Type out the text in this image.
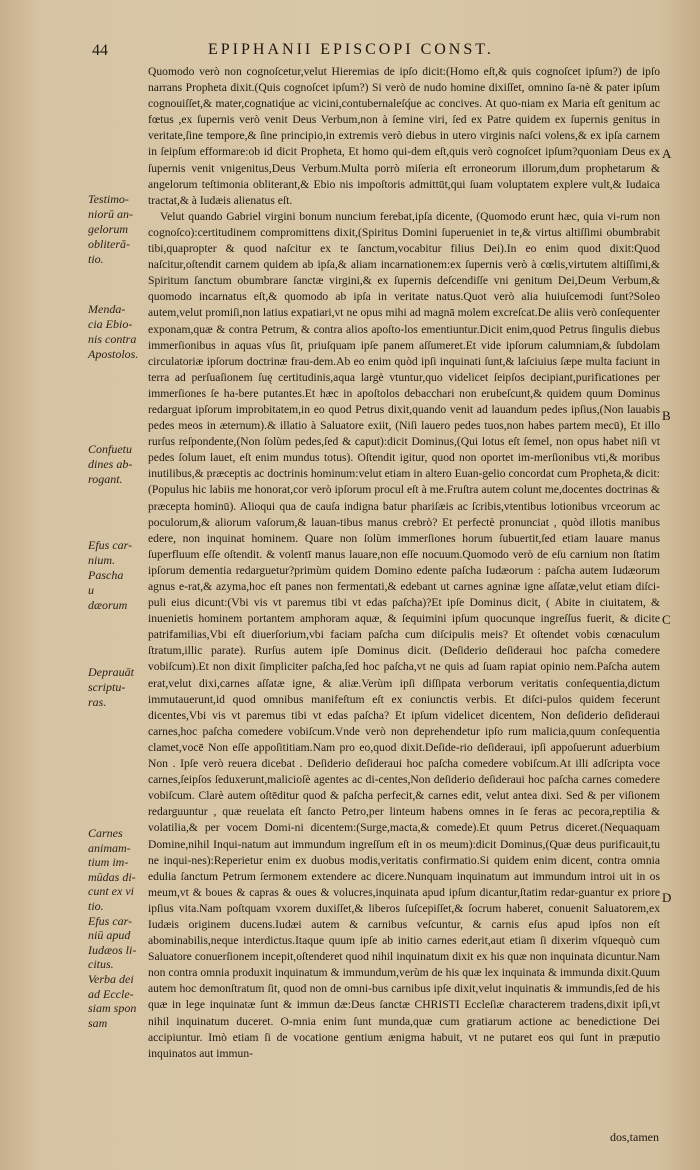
44	EPIPHANII EPISCOPI CONST.
Testimo-
niorū an-
gelorum
obliterā-
tio.
Menda-
cia Ebio-
nis contra
Apostolos.
Confuetu
dines ab-
rogant.
Efus car-
nium.
Pascha
u
dæorum
Deprauāt
scriptu-
ras.
Carnes
animam-
tium im-
mūdas di-
cunt ex vi
tio.
Efus car-
niū apud
Iudæos li-
citus.
Verba dei
ad Eccle-
siam spon
sam
A
B
C
D

Quomodo verò non cognoſcetur,velut Hieremias de ipſo dicit:(Homo eſt,& quis cognoſcet ipſum?) de ipſo narrans Propheta dixit.(Quis cognoſcet ipſum?) Si verò de nudo homine dixiſſet, omnino ſa-nè & pater ipſum cognouiſſet,& mater,cognatiq́ue ac vicini,contubernaleſq́ue ac concives. At quo-niam ex Maria eſt genitum ac fœtus ,ex ſupernis verò venit Deus Verbum,non à ſemine viri, ſed ex Patre quidem ex ſupernis genitus in veritate,ſine tempore,& ſine principio,in extremis verò diebus in utero virginis naſci volens,& ex ipſa carnem in ſeipſum efformare:ob id dicit Propheta, Et homo qui-dem eſt,quis verò cognoſcet ipſum?quoniam Deus ex ſupernis venit vnigenitus,Deus Verbum.Multa porrò miſeria eſt erroneorum illorum,dum prophetarum & angelorum teſtimonia obliterant,& Ebio nis impoſtoris admittūt,qui ſuam voluptatem explere vult,& Iudaica tractat,& à Iudæis alienatus eſt.

Velut quando Gabriel virgini bonum nuncium ferebat,ipſa dicente, (Quomodo erunt hæc, quia vi-rum non cognoſco):certitudinem compromittens dixit,(Spiritus Domini ſuperueniet in te,& virtus altiſſimi obumbrabit tibi,quapropter & quod naſcitur ex te ſanctum,vocabitur filius Dei).In eo enim quod dixit:Quod naſcitur,oſtendit carnem quidem ab ipſa,& aliam incarnationem:ex ſupernis verò à cœlis,virtutem altiſſimi,& Spiritum ſanctum obumbrare ſanctæ virgini,& ex ſupernis deſcendiſſe vni genitum Dei,Deum Verbum,& quomodo incarnatus eſt,& quomodo ab ipſa in veritate natus.Quot verò alia huiuſcemodi ſunt?Soleo autem,velut promiſi,non latius expatiari,vt ne opus mihi ad magnā molem excreſcat.De aliis verò conſequenter exponam,quæ & contra Petrum, & contra alios apoſto-los ementiuntur.Dicit enim,quod Petrus ſingulis diebus immerſionibus in aquas vſus ſit, priuſquam ipſe panem aſſumeret.Et vide ipſorum calumniam,& ſubdolam circulatoriæ ipſorum doctrinæ frau-dem.Ab eo enim quòd ipſi inquinati ſunt,& laſciuius ſæpe multa faciunt in terra ad perſuaſionem ſuę certitudinis,aqua largè vtuntur,quo videlicet ſeipſos decipiant,purificationes per immerſiones ſe ha-bere putantes.Et hæc in apoſtolos debacchari non erubeſcunt,& quidem quum Dominus redarguat ipſorum improbitatem,in eo quod Petrus dixit,quando venit ad lauandum pedes ipſius,(Non lauabis pedes meos in æternum).& illatio à Saluatore exiit, (Niſi lauero pedes tuos,non habes partem mecū), Et illo rurſus reſpondente,(Non ſolùm pedes,ſed & caput):dicit Dominus,(Qui lotus eſt ſemel, non opus habet niſi vt pedes ſolum lauet, eſt enim mundus totus). Oſtendit igitur, quod non oportet im-merſionibus vti,& moribus inutilibus,& præceptis ac doctrinis hominum:velut etiam in altero Euan-gelio concordat cum Propheta,& dicit:(Populus hic labiis me honorat,cor verò ipſorum procul eſt à me.Fruſtra autem colunt me,docentes doctrinas & præcepta hominū). Alioqui qua de cauſa indigna batur phariſæis ac ſcribis,vtentibus lotionibus vrceorum ac poculorum,& aliorum vaſorum,& lauan-tibus manus crebrò? Et perfectè pronunciat , quòd illotis manibus edere, non inquinat hominem. Quare non ſolùm immerſiones horum ſubuertit,ſed etiam lauare manus ſuperfluum eſſe oſtendit. & volentī manus lauare,non eſſe nocuum.Quomodo verò de eſu carnium non ſtatim ipſorum dementia redarguetur?primùm quidem Domino edente paſcha Iudæorum : paſcha autem Iudæorum agnus e-rat,& azyma,hoc eſt panes non fermentati,& edebant ut carnes agninæ igne aſſatæ,velut etiam diſci-puli eius dicunt:(Vbi vis vt paremus tibi vt edas paſcha)?Et ipſe Dominus dicit, ( Abite in ciuitatem, & inuenietis hominem portantem amphoram aquæ, & ſequimini ipſum quocunque ingreſſus fuerit, & dicite patrifamilias,Vbi eſt diuerſorium,vbi faciam paſcha cum diſcipulis meis? Et oſtendet vobis cœnaculum ſtratum,illic parate). Rurſus autem ipſe Dominus dicit. (Deſiderio deſideraui hoc paſcha comedere vobiſcum).Et non dixit ſimpliciter paſcha,ſed hoc paſcha,vt ne quis ad ſuam rapiat opinio nem.Paſcha autem erat,velut dixi,carnes aſſatæ igne, & aliæ.Verùm ipſi diſſipata verborum veritatis conſequentia,dictum immutauerunt,id quod omnibus manifeſtum eſt ex coniunctis verbis. Et diſci-pulos quidem fecerunt dicentes,Vbi vis vt paremus tibi vt edas paſcha? Et ipſum videlicet dicentem, Non deſiderio deſideraui carnes,hoc paſcha comedere vobiſcum.Vnde verò non deprehendetur ipſo rum malicia,quum conſequentia clamet,vocē Non eſſe appoſititiam.Nam pro eo,quod dixit.Deſide-rio deſideraui, ipſi appoſuerunt aduerbium Non . Ipſe verò reuera dicebat . Deſiderio deſideraui hoc paſcha comedere vobiſcum.At illi adſcripta voce carnes,ſeipſos ſeduxerunt,malicioſè agentes ac di-centes,Non deſiderio deſideraui hoc paſcha carnes comedere vobiſcum. Clarè autem oſtēditur quod & paſcha perfecit,& carnes edit, velut antea dixi. Sed & per viſionem redarguuntur , quæ reuelata eſt ſancto Petro,per linteum habens omnes in ſe feras ac pecora,reptilia & volatilia,& per vocem Domi-ni dicentem:(Surge,macta,& comede).Et quum Petrus diceret.(Nequaquam Domine,nihil Inqui-natum aut immundum ingreſſum eſt in os meum):dicit Dominus,(Quæ deus purificauit,tu ne inqui-nes):Reperietur enim ex duobus modis,veritatis confirmatio.Si quidem enim dicent, contra omnia edulia ſanctum Petrum ſermonem extendere ac dicere.Nunquam inquinatum aut immundum introi uit in os meum,vt & boues & capras & oues & volucres,inquinata apud ipſum dicantur,ſtatim redar-guantur ex priore ipſius vita.Nam poſtquam vxorem duxiſſet,& liberos ſuſcepiſſet,& ſocrum haberet, conuenit Saluatorem,ex Iudæis originem ducens.Iudæi autem & carnibus veſcuntur, & carnis eſus apud ipſos non eſt abominabilis,neque interdictus.Itaque quum ipſe ab initio carnes ederit,aut etiam ſi dixerim vſquequò cum Saluatore conuerſionem incepit,oſtenderet quod nihil inquinatum dixit ex his quæ non inquinata dicuntur.Nam non contra omnia produxit inquinatum & immundum,verùm de his quæ lex inquinata & immunda dixit.Quum autem hoc demonſtratum ſit, quod non de omni-bus carnibus ipſe dixit,velut inquinatis & immundis,ſed de his quæ in lege inquinatæ ſunt & immun dæ:Deus ſanctæ CHRISTI Eccleſiæ characterem tradens,dixit ipſi,vt nihil inquinatum duceret. O-mnia enim ſunt munda,quæ cum gratiarum actione ac benedictione Dei accipiuntur. Imò etiam ſi de vocatione gentium ænigma habuit, vt ne putaret eos qui ſunt in præputio inquinatos aut immun-

dos,tamen
